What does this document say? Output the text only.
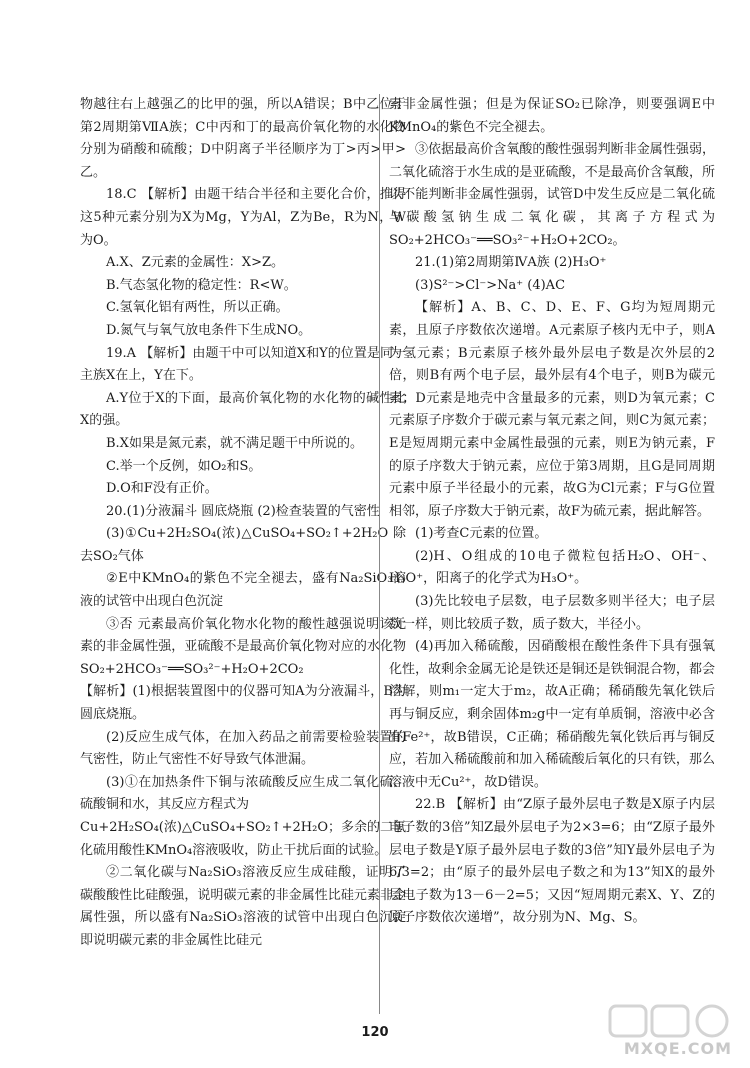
物越往右上越强乙的比甲的强，所以A错误；B中乙位于第2周期第ⅦA族；C中丙和丁的最高价氧化物的水化物分别为硝酸和硫酸；D中阴离子半径顺序为丁>丙>甲>乙。

18.C 【解析】由题干结合半径和主要化合价，推得这5种元素分别为X为Mg，Y为Al，Z为Be，R为N，W为O。

A.X、Z元素的金属性：X>Z。

B.气态氢化物的稳定性：R<W。

C.氢氧化铝有两性，所以正确。

D.氮气与氧气放电条件下生成NO。

19.A 【解析】由题干中可以知道X和Y的位置是同一主族X在上，Y在下。

A.Y位于X的下面，最高价氧化物的水化物的碱性比X的强。

B.X如果是氮元素，就不满足题干中所说的。

C.举一个反例，如O₂和S。

D.O和F没有正价。

20.(1)分液漏斗 圆底烧瓶 (2)检查装置的气密性

(3)①Cu+2H₂SO₄(浓)△CuSO₄+SO₂↑+2H₂O 除去SO₂气体

②E中KMnO₄的紫色不完全褪去，盛有Na₂SiO₃溶液的试管中出现白色沉淀

③否 元素最高价氧化物水化物的酸性越强说明该元素的非金属性强，亚硫酸不是最高价氧化物对应的水化物 SO₂+2HCO₃⁻══SO₃²⁻+H₂O+2CO₂

【解析】(1)根据装置图中的仪器可知A为分液漏斗，B为圆底烧瓶。

(2)反应生成气体，在加入药品之前需要检验装置的气密性，防止气密性不好导致气体泄漏。

(3)①在加热条件下铜与浓硫酸反应生成二氧化硫、硫酸铜和水，其反应方程式为

Cu+2H₂SO₄(浓)△CuSO₄+SO₂↑+2H₂O；多余的二氧化硫用酸性KMnO₄溶液吸收，防止干扰后面的试验。

②二氧化碳与Na₂SiO₃溶液反应生成硅酸，证明了碳酸酸性比硅酸强，说明碳元素的非金属性比硅元素非金属性强，所以盛有Na₂SiO₃溶液的试管中出现白色沉淀即说明碳元素的非金属性比硅元

素非金属性强；但是为保证SO₂已除净，则要强调E中KMnO₄的紫色不完全褪去。

③依据最高价含氧酸的酸性强弱判断非金属性强弱，二氧化硫溶于水生成的是亚硫酸，不是最高价含氧酸，所以不能判断非金属性强弱，试管D中发生反应是二氧化硫与碳酸氢钠生成二氧化碳，其离子方程式为SO₂+2HCO₃⁻══SO₃²⁻+H₂O+2CO₂。

21.(1)第2周期第ⅣA族 (2)H₃O⁺

(3)S²⁻>Cl⁻>Na⁺ (4)AC

【解析】A、B、C、D、E、F、G均为短周期元素，且原子序数依次递增。A元素原子核内无中子，则A为氢元素；B元素原子核外最外层电子数是次外层的2倍，则B有两个电子层，最外层有4个电子，则B为碳元素；D元素是地壳中含量最多的元素，则D为氧元素；C元素原子序数介于碳元素与氧元素之间，则C为氮元素；E是短周期元素中金属性最强的元素，则E为钠元素，F的原子序数大于钠元素，应位于第3周期，且G是同周期元素中原子半径最小的元素，故G为Cl元素；F与G位置相邻，原子序数大于钠元素，故F为硫元素，据此解答。

(1)考查C元素的位置。

(2)H、O组成的10电子微粒包括H₂O、OH⁻、H₃O⁺，阳离子的化学式为H₃O⁺。

(3)先比较电子层数，电子层数多则半径大；电子层数一样，则比较质子数，质子数大，半径小。

(4)再加入稀硫酸，因硝酸根在酸性条件下具有强氧化性，故剩余金属无论是铁还是铜还是铁铜混合物，都会溶解，则m₁一定大于m₂，故A正确；稀硝酸先氧化铁后再与铜反应，剩余固体m₂g中一定有单质铜，溶液中必含有Fe²⁺，故B错误，C正确；稀硝酸先氧化铁后再与铜反应，若加入稀硫酸前和加入稀硫酸后氧化的只有铁，那么溶液中无Cu²⁺，故D错误。

22.B 【解析】由“Z原子最外层电子数是X原子内层电子数的3倍”知Z最外层电子为2×3=6；由“Z原子最外层电子数是Y原子最外层电子数的3倍”知Y最外层电子为6/3=2；由“原子的最外层电子数之和为13”知X的最外层电子数为13－6－2=5；又因“短周期元素X、Y、Z的原子序数依次递增”，故分别为N、Mg、S。

120
MXQE.COM
